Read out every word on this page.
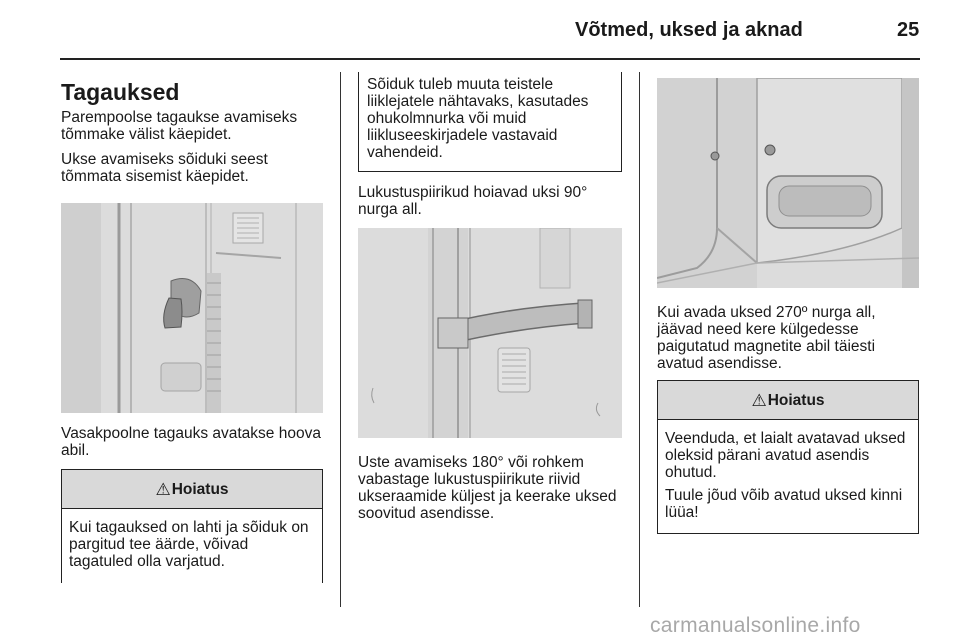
Võtmed, uksed ja aknad	25
Tagauksed

Parempoolse tagaukse avamiseks tõmmake välist käepidet.

Ukse avamiseks sõiduki seest tõmmata sisemist käepidet.

Vasakpoolne tagauks avatakse hoova abil.

⚠ Hoiatus

Kui tagauksed on lahti ja sõiduk on pargitud tee äärde, võivad tagatuled olla varjatud.

Sõiduk tuleb muuta teistele liiklejatele nähtavaks, kasutades ohukolmnurka või muid liikluseeskirjadele vastavaid vahendeid.

Lukustuspiirikud hoiavad uksi 90° nurga all.

Uste avamiseks 180° või rohkem vabastage lukustuspiirikute riivid ukseraamide küljest ja keerake uksed soovitud asendisse.

Kui avada uksed 270º nurga all, jäävad need kere külgedesse paigutatud magnetite abil täiesti avatud asendisse.

⚠ Hoiatus

Veenduda, et laialt avatavad uksed oleksid pärani avatud asendis ohutud.

Tuule jõud võib avatud uksed kinni lüüa!

carmanualsonline.info
